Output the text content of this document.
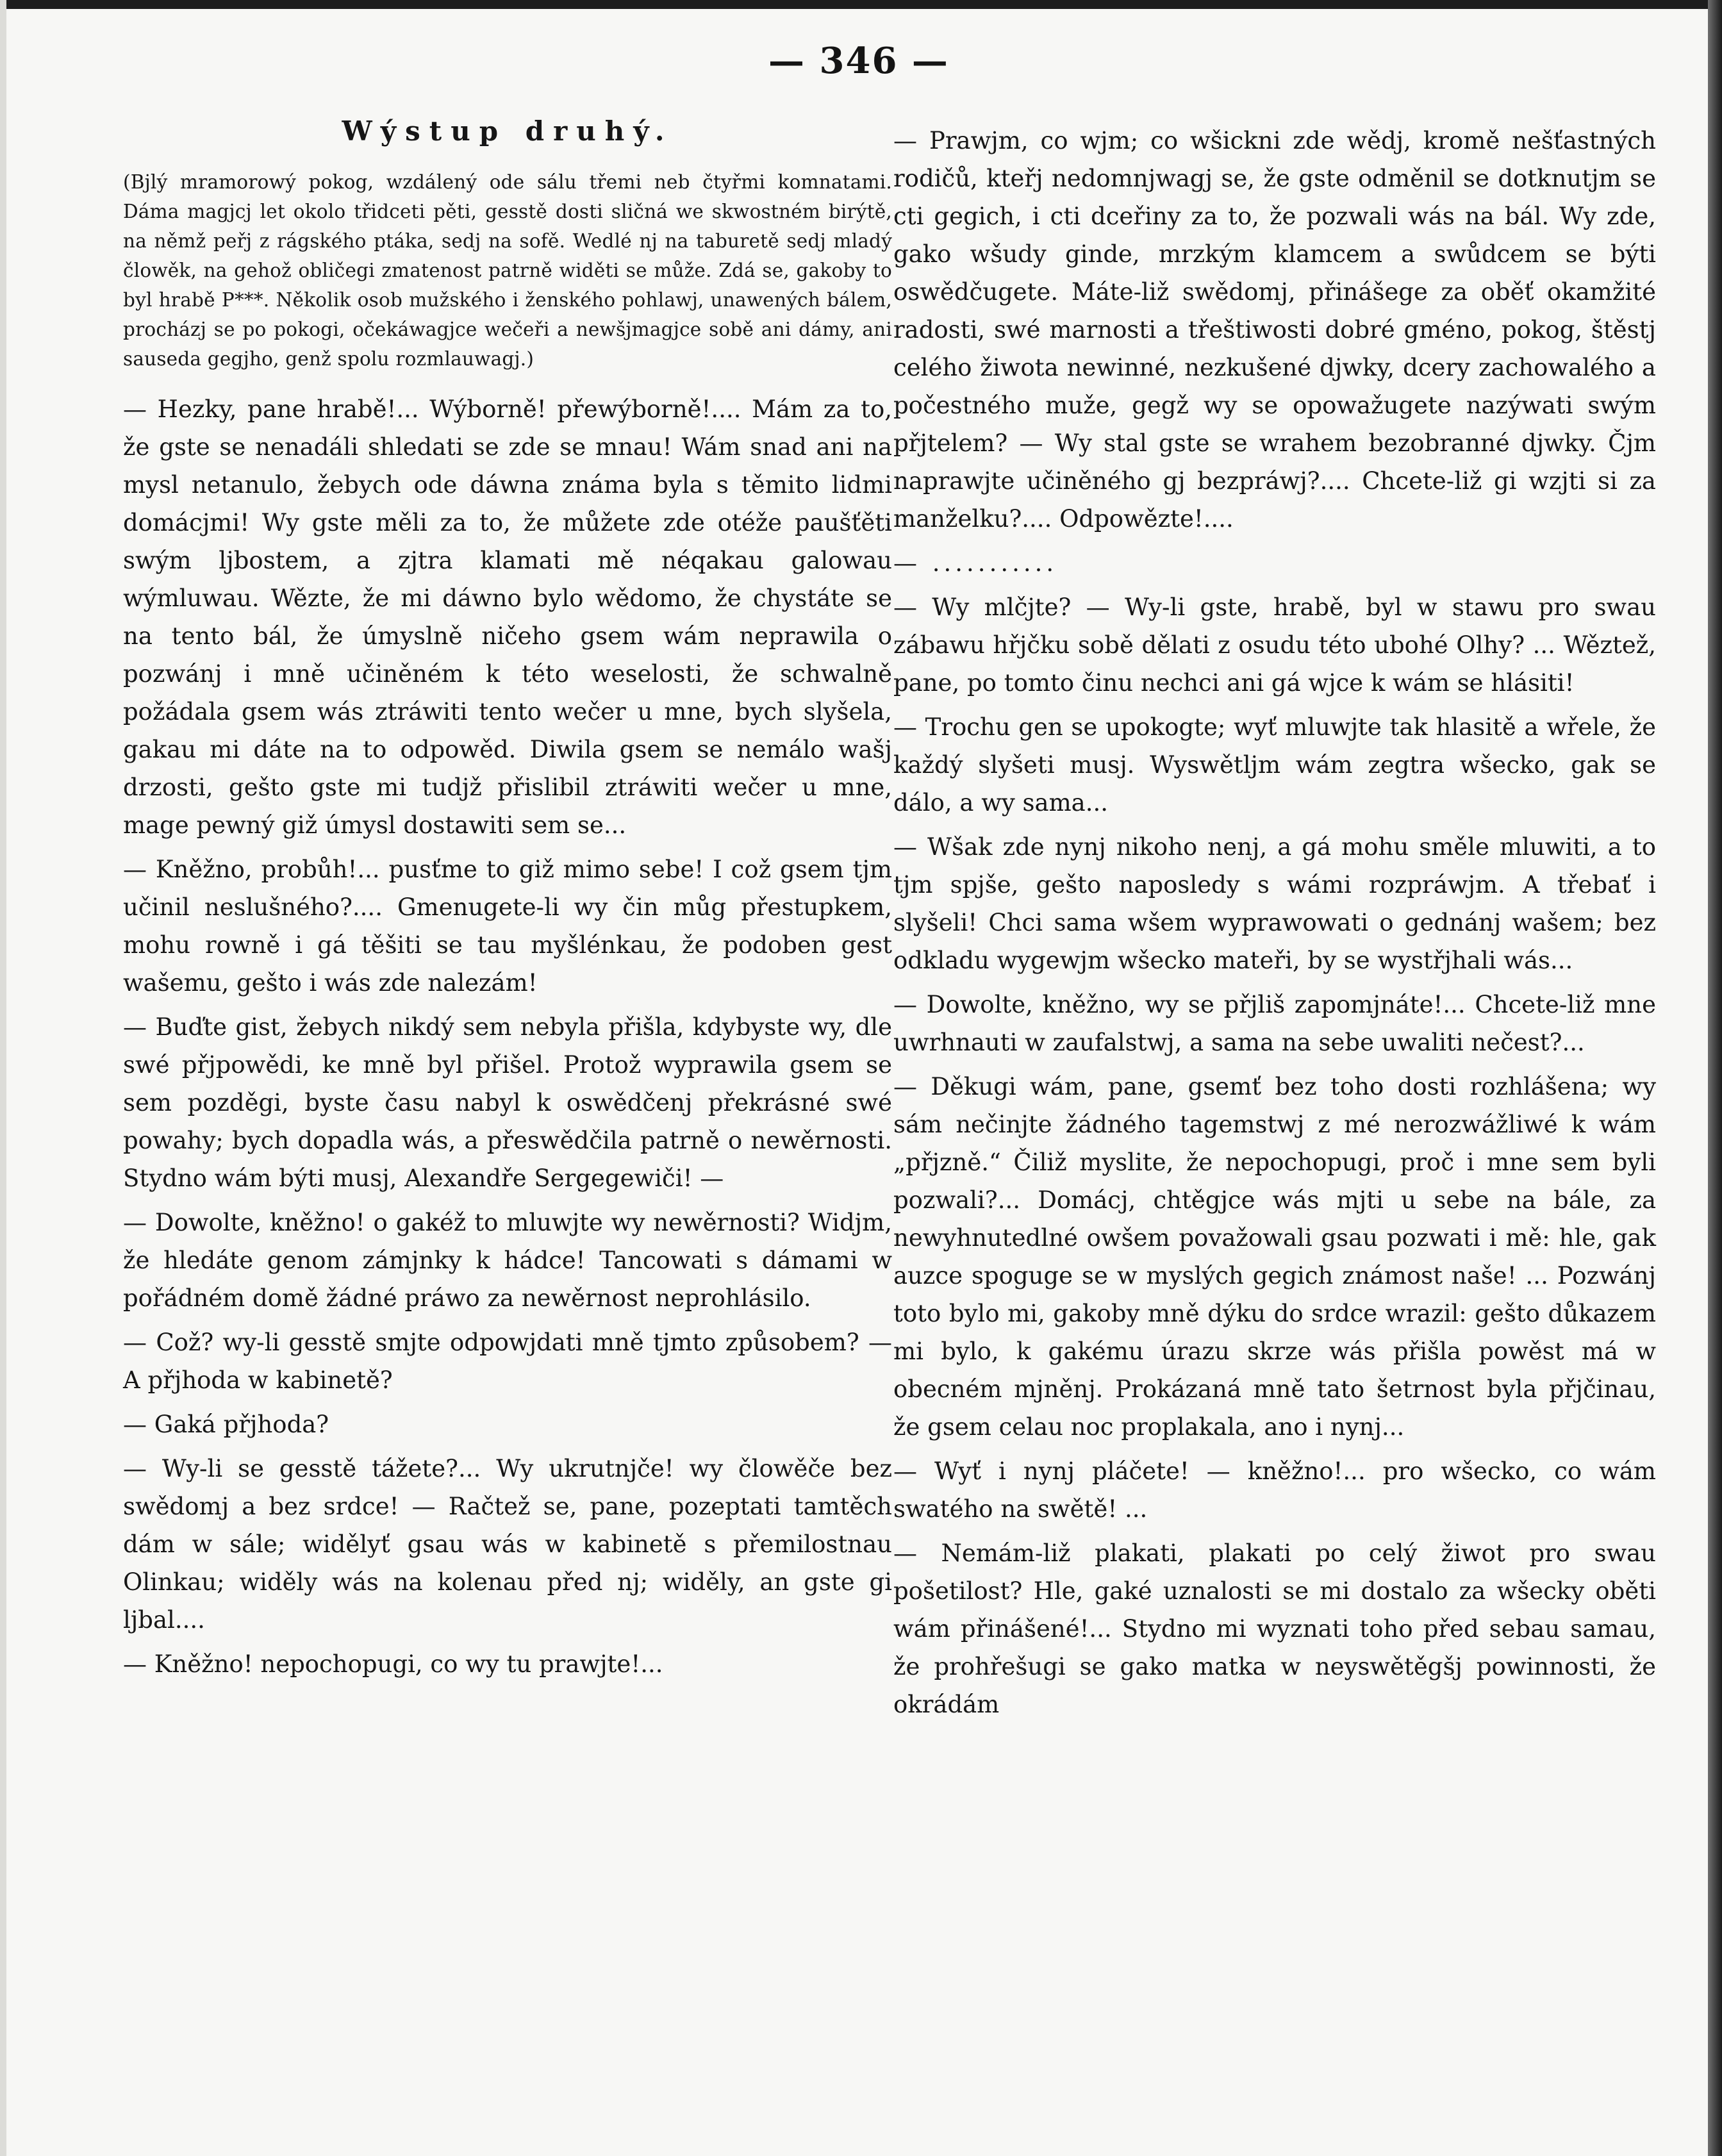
— 346 —
Wýstup druhý.

(Bjlý mramorowý pokog, wzdálený ode sálu třemi neb čtyřmi komnatami. Dáma magjcj let okolo třidceti pěti, gesstě dosti sličná we skwostném birýtě, na němž peřj z rágského ptáka, sedj na sofě. Wedlé nj na taburetě sedj mladý člowěk, na gehož obličegi zmatenost patrně widěti se může. Zdá se, gakoby to byl hrabě P***. Několik osob mužského i ženského pohlawj, unawených bálem, procházj se po pokogi, očekáwagjce wečeři a newšjmagjce sobě ani dámy, ani sauseda gegjho, genž spolu rozmlauwagj.)

— Hezky, pane hrabě!... Wýborně! přewýborně!.... Mám za to, že gste se nenadáli shledati se zde se mnau! Wám snad ani na mysl netanulo, žebych ode dáwna známa byla s těmito lidmi domácjmi! Wy gste měli za to, že můžete zde otéže paušťěti swým ljbostem, a zjtra klamati mě néqakau galowau wýmluwau. Wězte, že mi dáwno bylo wědomo, že chystáte se na tento bál, že úmyslně ničeho gsem wám neprawila o pozwánj i mně učiněném k této weselosti, že schwalně požádala gsem wás ztráwiti tento wečer u mne, bych slyšela, gakau mi dáte na to odpowěd. Diwila gsem se nemálo wašj drzosti, gešto gste mi tudjž přislibil ztráwiti wečer u mne, mage pewný giž úmysl dostawiti sem se...

— Kněžno, probůh!... pusťme to giž mimo sebe! I což gsem tjm učinil neslušného?.... Gmenugete-li wy čin můg přestupkem, mohu rowně i gá těšiti se tau myšlénkau, že podoben gest wašemu, gešto i wás zde nalezám!

— Buďte gist, žebych nikdý sem nebyla přišla, kdybyste wy, dle swé přjpowědi, ke mně byl přišel. Protož wyprawila gsem se sem pozděgi, byste času nabyl k oswědčenj překrásné swé powahy; bych dopadla wás, a přeswědčila patrně o newěrnosti. Stydno wám býti musj, Alexandře Sergegewiči! —

— Dowolte, kněžno! o gakéž to mluwjte wy newěrnosti? Widjm, že hledáte genom zámjnky k hádce! Tancowati s dámami w pořádném domě žádné práwo za newěrnost neprohlásilo.

— Což? wy-li gesstě smjte odpowjdati mně tjmto způsobem? — A přjhoda w kabinetě?

— Gaká přjhoda?

— Wy-li se gesstě tážete?... Wy ukrutnjče! wy člowěče bez swědomj a bez srdce! — Račtež se, pane, pozeptati tamtěch dám w sále; widělyť gsau wás w kabinetě s přemilostnau Olinkau; widěly wás na kolenau před nj; widěly, an gste gi ljbal....

— Kněžno! nepochopugi, co wy tu prawjte!...

— Prawjm, co wjm; co wšickni zde wědj, kromě nešťastných rodičů, kteřj nedomnjwagj se, že gste odměnil se dotknutjm se cti gegich, i cti dceřiny za to, že pozwali wás na bál. Wy zde, gako wšudy ginde, mrzkým klamcem a swůdcem se býti oswědčugete. Máte-liž swědomj, přinášege za oběť okamžité radosti, swé marnosti a třeštiwosti dobré gméno, pokog, štěstj celého žiwota newinné, nezkušené djwky, dcery zachowalého a počestného muže, gegž wy se opowažugete nazýwati swým přjtelem? — Wy stal gste se wrahem bezobranné djwky. Čjm naprawjte učiněného gj bezpráwj?.... Chcete-liž gi wzjti si za manželku?.... Odpowězte!....

— ...........

— Wy mlčjte? — Wy-li gste, hrabě, byl w stawu pro swau zábawu hřjčku sobě dělati z osudu této ubohé Olhy? ... Wěztež, pane, po tomto činu nechci ani gá wjce k wám se hlásiti!

— Trochu gen se upokogte; wyť mluwjte tak hlasitě a wřele, že každý slyšeti musj. Wyswětljm wám zegtra wšecko, gak se dálo, a wy sama...

— Wšak zde nynj nikoho nenj, a gá mohu směle mluwiti, a to tjm spjše, gešto naposledy s wámi rozpráwjm. A třebať i slyšeli! Chci sama wšem wyprawowati o gednánj wašem; bez odkladu wygewjm wšecko mateři, by se wystřjhali wás...

— Dowolte, kněžno, wy se přjliš zapomjnáte!... Chcete-liž mne uwrhnauti w zaufalstwj, a sama na sebe uwaliti nečest?...

— Děkugi wám, pane, gsemť bez toho dosti rozhlášena; wy sám nečinjte žádného tagemstwj z mé nerozwážliwé k wám „přjzně.“ Čiliž myslite, že nepochopugi, proč i mne sem byli pozwali?... Domácj, chtěgjce wás mjti u sebe na bále, za newyhnutedlné owšem považowali gsau pozwati i mě: hle, gak auzce spoguge se w myslých gegich známost naše! ... Pozwánj toto bylo mi, gakoby mně dýku do srdce wrazil: gešto důkazem mi bylo, k gakému úrazu skrze wás přišla powěst má w obecném mjněnj. Prokázaná mně tato šetrnost byla přjčinau, že gsem celau noc proplakala, ano i nynj...

— Wyť i nynj pláčete! — kněžno!... pro wšecko, co wám swatého na swětě! ...

— Nemám-liž plakati, plakati po celý žiwot pro swau pošetilost? Hle, gaké uznalosti se mi dostalo za wšecky oběti wám přinášené!... Stydno mi wyznati toho před sebau samau, že prohřešugi se gako matka w neyswětěgšj powinnosti, že okrádám
